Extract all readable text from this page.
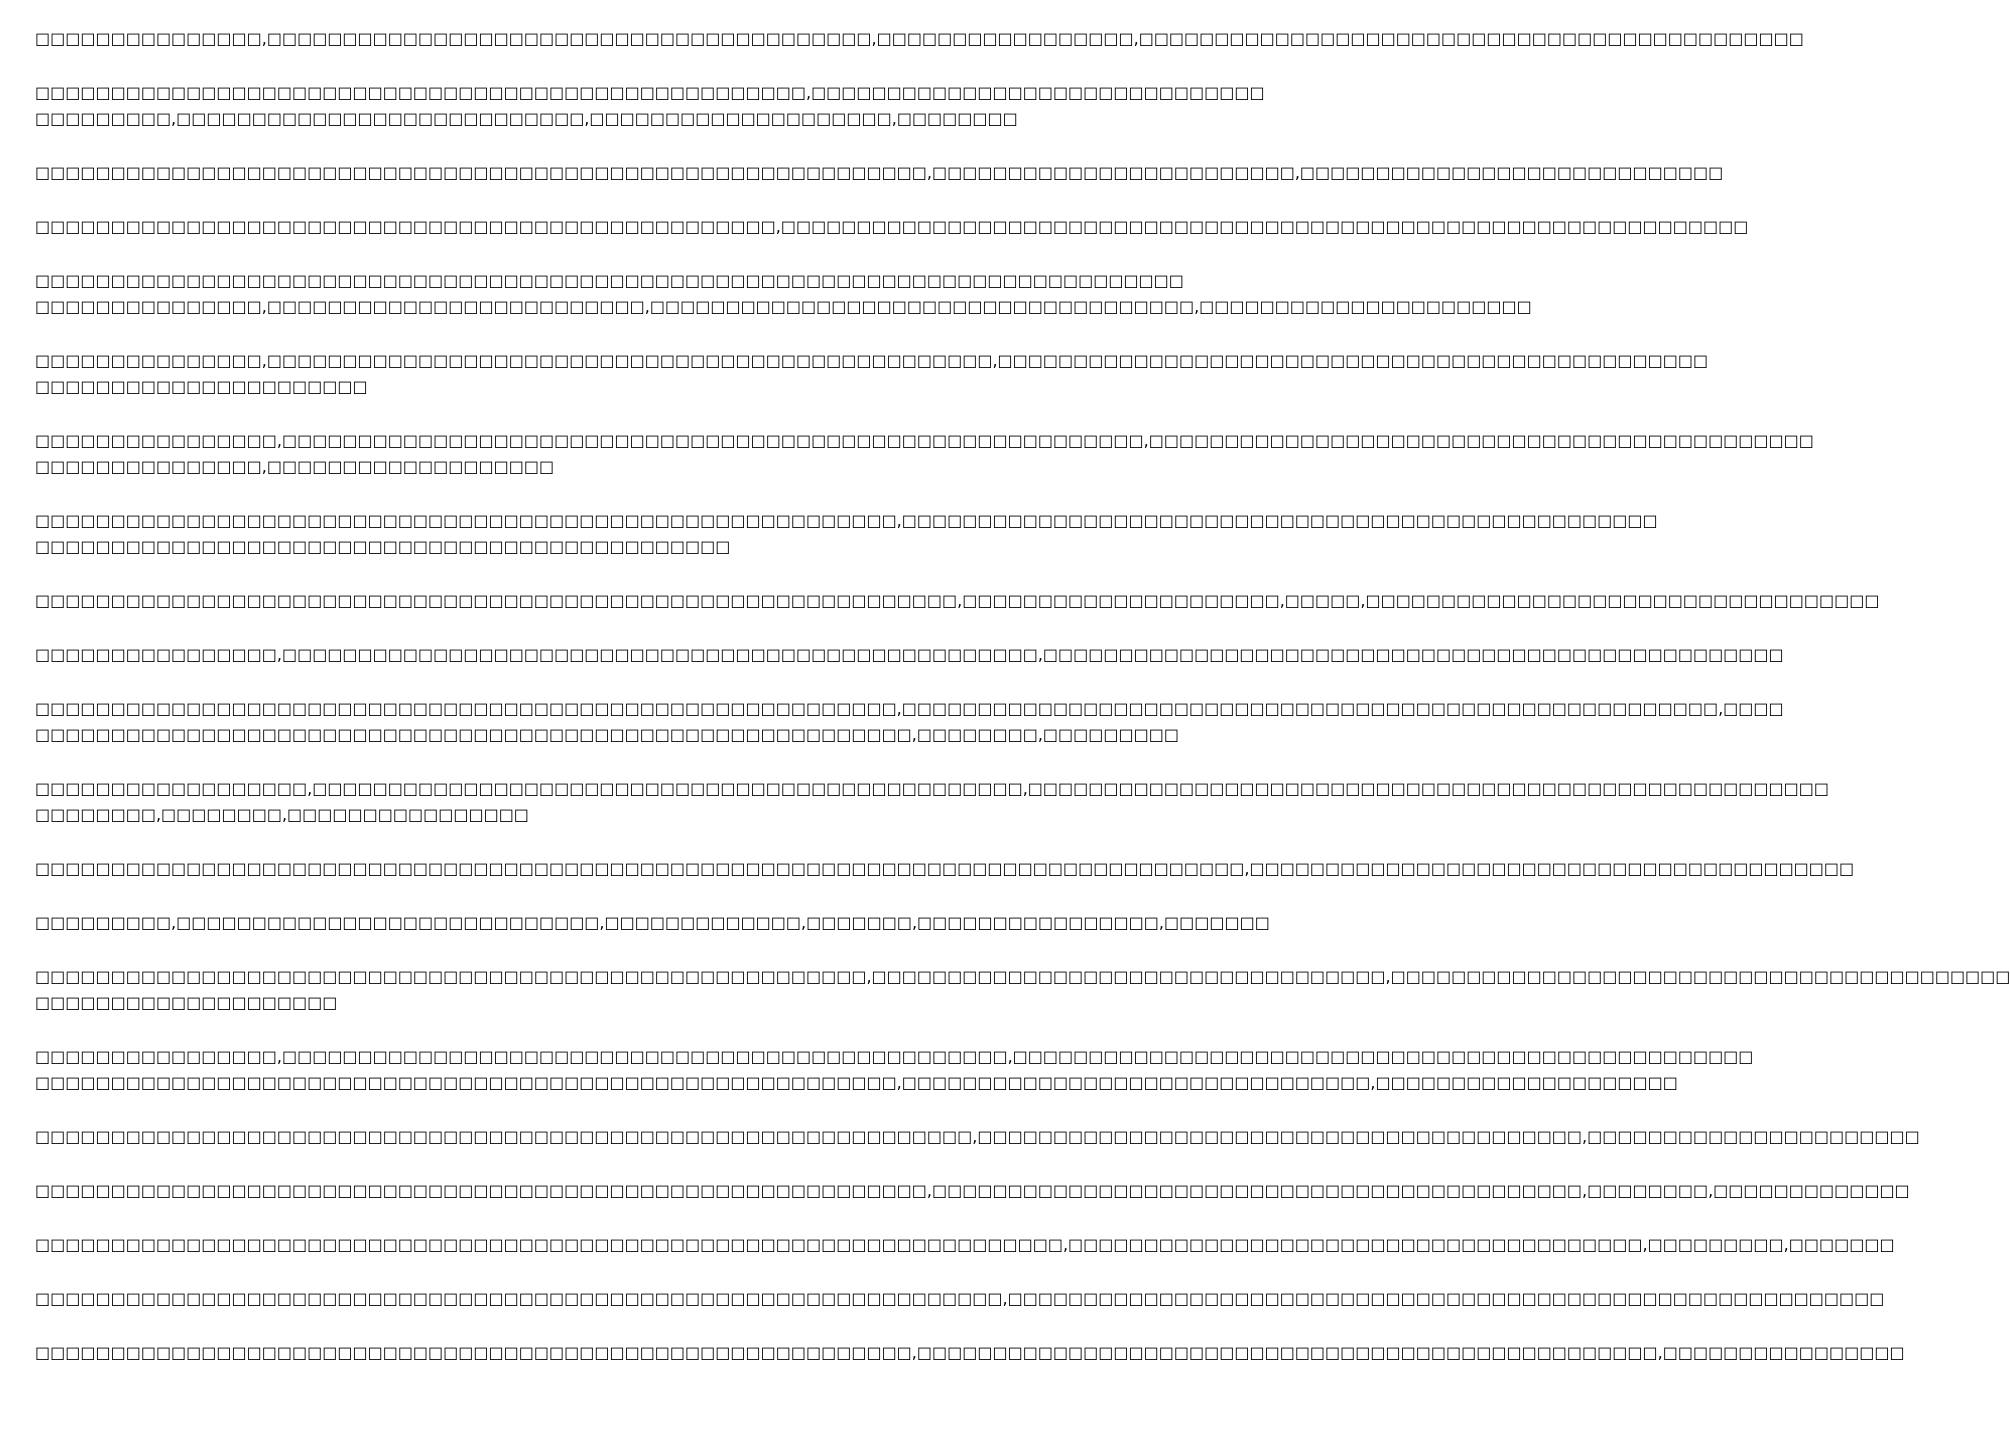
□□□□□□□□□□□□□□□,□□□□□□□□□□□□□□□□□□□□□□□□□□□□□□□□□□□□□□□□,□□□□□□□□□□□□□□□□□,□□□□□□□□□□□□□□□□□□□□□□□□□□□□□□□□□□□□□□□□□□□□
□□□□□□□□□□□□□□□□□□□□□□□□□□□□□□□□□□□□□□□□□□□□□□□□□□□,□□□□□□□□□□□□□□□□□□□□□□□□□□□□□□
□□□□□□□□□,□□□□□□□□□□□□□□□□□□□□□□□□□□□,□□□□□□□□□□□□□□□□□□□□,□□□□□□□□
□□□□□□□□□□□□□□□□□□□□□□□□□□□□□□□□□□□□□□□□□□□□□□□□□□□□□□□□□□□,□□□□□□□□□□□□□□□□□□□□□□□□,□□□□□□□□□□□□□□□□□□□□□□□□□□□□
□□□□□□□□□□□□□□□□□□□□□□□□□□□□□□□□□□□□□□□□□□□□□□□□□,□□□□□□□□□□□□□□□□□□□□□□□□□□□□□□□□□□□□□□□□□□□□□□□□□□□□□□□□□□□□□□□□
□□□□□□□□□□□□□□□□□□□□□□□□□□□□□□□□□□□□□□□□□□□□□□□□□□□□□□□□□□□□□□□□□□□□□□□□□□□□
□□□□□□□□□□□□□□□,□□□□□□□□□□□□□□□□□□□□□□□□□,□□□□□□□□□□□□□□□□□□□□□□□□□□□□□□□□□□□□,□□□□□□□□□□□□□□□□□□□□□□
□□□□□□□□□□□□□□□,□□□□□□□□□□□□□□□□□□□□□□□□□□□□□□□□□□□□□□□□□□□□□□□□,□□□□□□□□□□□□□□□□□□□□□□□□□□□□□□□□□□□□□□□□□□□□□□□
□□□□□□□□□□□□□□□□□□□□□□
□□□□□□□□□□□□□□□□,□□□□□□□□□□□□□□□□□□□□□□□□□□□□□□□□□□□□□□□□□□□□□□□□□□□□□□□□□,□□□□□□□□□□□□□□□□□□□□□□□□□□□□□□□□□□□□□□□□□□□□
□□□□□□□□□□□□□□□,□□□□□□□□□□□□□□□□□□□
□□□□□□□□□□□□□□□□□□□□□□□□□□□□□□□□□□□□□□□□□□□□□□□□□□□□□□□□□,□□□□□□□□□□□□□□□□□□□□□□□□□□□□□□□□□□□□□□□□□□□□□□□□□□
□□□□□□□□□□□□□□□□□□□□□□□□□□□□□□□□□□□□□□□□□□□□□□
□□□□□□□□□□□□□□□□□□□□□□□□□□□□□□□□□□□□□□□□□□□□□□□□□□□□□□□□□□□□□,□□□□□□□□□□□□□□□□□□□□□,□□□□□,□□□□□□□□□□□□□□□□□□□□□□□□□□□□□□□□□□
□□□□□□□□□□□□□□□□,□□□□□□□□□□□□□□□□□□□□□□□□□□□□□□□□□□□□□□□□□□□□□□□□□□,□□□□□□□□□□□□□□□□□□□□□□□□□□□□□□□□□□□□□□□□□□□□□□□□□
□□□□□□□□□□□□□□□□□□□□□□□□□□□□□□□□□□□□□□□□□□□□□□□□□□□□□□□□□,□□□□□□□□□□□□□□□□□□□□□□□□□□□□□□□□□□□□□□□□□□□□□□□□□□□□□□,□□□□
□□□□□□□□□□□□□□□□□□□□□□□□□□□□□□□□□□□□□□□□□□□□□□□□□□□□□□□□□□,□□□□□□□□,□□□□□□□□□
□□□□□□□□□□□□□□□□□□,□□□□□□□□□□□□□□□□□□□□□□□□□□□□□□□□□□□□□□□□□□□□□□□,□□□□□□□□□□□□□□□□□□□□□□□□□□□□□□□□□□□□□□□□□□□□□□□□□□□□□
□□□□□□□□,□□□□□□□□,□□□□□□□□□□□□□□□□
□□□□□□□□□□□□□□□□□□□□□□□□□□□□□□□□□□□□□□□□□□□□□□□□□□□□□□□□□□□□□□□□□□□□□□□□□□□□□□□□,□□□□□□□□□□□□□□□□□□□□□□□□□□□□□□□□□□□□□□□□
□□□□□□□□□,□□□□□□□□□□□□□□□□□□□□□□□□□□□□,□□□□□□□□□□□□□,□□□□□□□,□□□□□□□□□□□□□□□□,□□□□□□□
□□□□□□□□□□□□□□□□□□□□□□□□□□□□□□□□□□□□□□□□□□□□□□□□□□□□□□□,□□□□□□□□□□□□□□□□□□□□□□□□□□□□□□□□□□,□□□□□□□□□□□□□□□□□□□□□□□□□□□□□□□□□□□□□□□□□
□□□□□□□□□□□□□□□□□□□□
□□□□□□□□□□□□□□□□,□□□□□□□□□□□□□□□□□□□□□□□□□□□□□□□□□□□□□□□□□□□□□□□□,□□□□□□□□□□□□□□□□□□□□□□□□□□□□□□□□□□□□□□□□□□□□□□□□□
□□□□□□□□□□□□□□□□□□□□□□□□□□□□□□□□□□□□□□□□□□□□□□□□□□□□□□□□□,□□□□□□□□□□□□□□□□□□□□□□□□□□□□□□□,□□□□□□□□□□□□□□□□□□□□
□□□□□□□□□□□□□□□□□□□□□□□□□□□□□□□□□□□□□□□□□□□□□□□□□□□□□□□□□□□□□□,□□□□□□□□□□□□□□□□□□□□□□□□□□□□□□□□□□□□□□□□,□□□□□□□□□□□□□□□□□□□□□□
□□□□□□□□□□□□□□□□□□□□□□□□□□□□□□□□□□□□□□□□□□□□□□□□□□□□□□□□□□□,□□□□□□□□□□□□□□□□□□□□□□□□□□□□□□□□□□□□□□□□□□□,□□□□□□□□,□□□□□□□□□□□□□
□□□□□□□□□□□□□□□□□□□□□□□□□□□□□□□□□□□□□□□□□□□□□□□□□□□□□□□□□□□□□□□□□□□□,□□□□□□□□□□□□□□□□□□□□□□□□□□□□□□□□□□□□□□,□□□□□□□□□,□□□□□□□
□□□□□□□□□□□□□□□□□□□□□□□□□□□□□□□□□□□□□□□□□□□□□□□□□□□□□□□□□□□□□□□□,□□□□□□□□□□□□□□□□□□□□□□□□□□□□□□□□□□□□□□□□□□□□□□□□□□□□□□□□□□
□□□□□□□□□□□□□□□□□□□□□□□□□□□□□□□□□□□□□□□□□□□□□□□□□□□□□□□□□□,□□□□□□□□□□□□□□□□□□□□□□□□□□□□□□□□□□□□□□□□□□□□□□□□□,□□□□□□□□□□□□□□□□
